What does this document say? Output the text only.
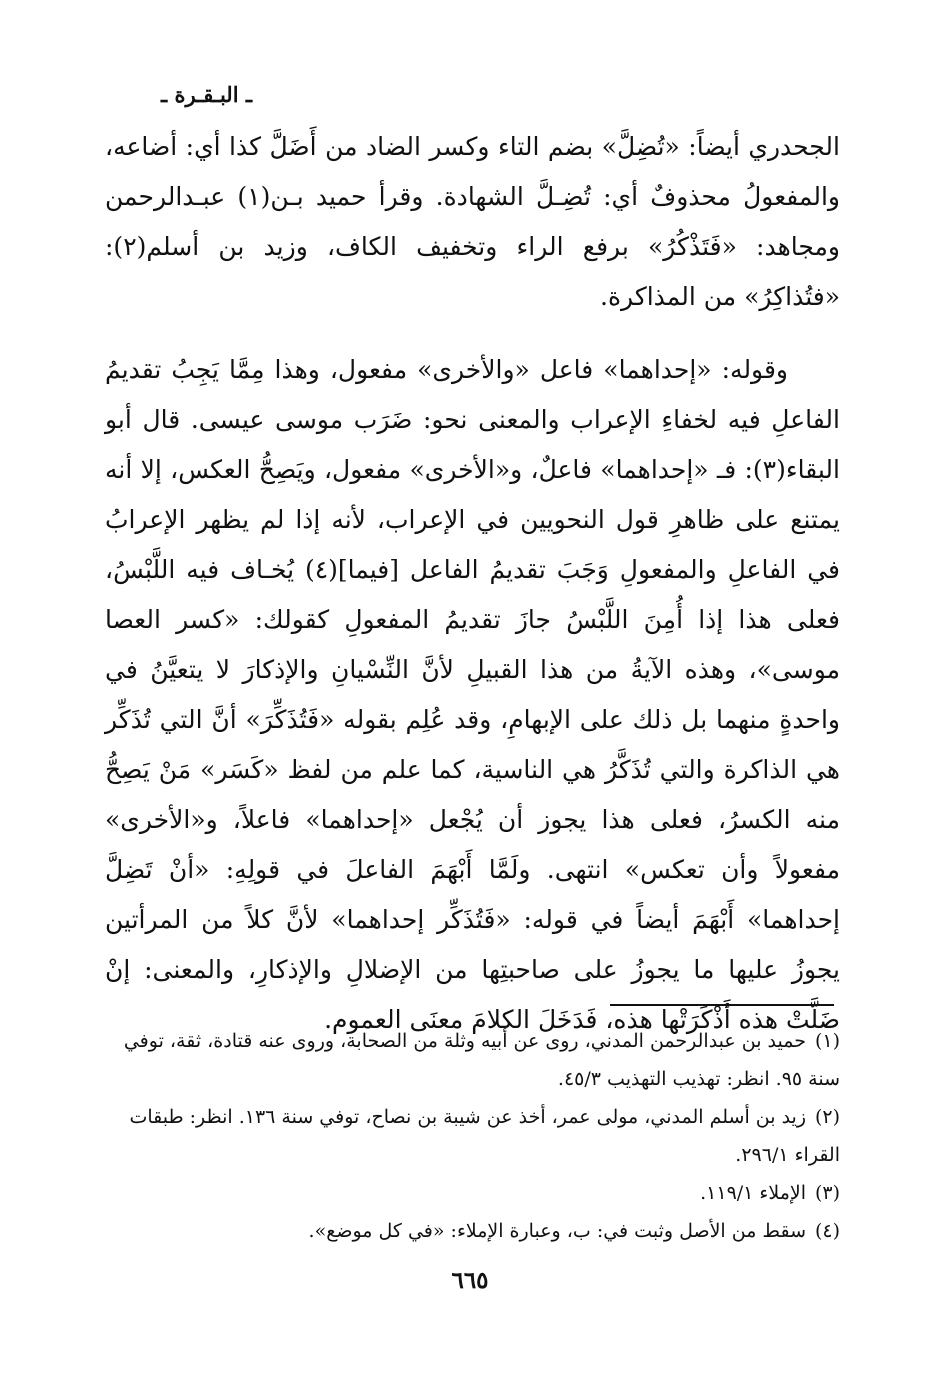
ـ البـقـرة ـ

الجحدري أيضاً: «تُضِلَّ» بضم التاء وكسر الضاد من أَضَلَّ كذا أي: أضاعه، والمفعولُ محذوفٌ أي: تُضِـلَّ الشهادة. وقرأ حميد بـن(١) عبـدالرحمن ومجاهد: «فَتَذْكُرُ» برفع الراء وتخفيف الكاف، وزيد بن أسلم(٢): «فتُذاكِرُ» من المذاكرة.

وقوله: «إحداهما» فاعل «والأخرى» مفعول، وهذا مِمَّا يَجِبُ تقديمُ الفاعلِ فيه لخفاءِ الإعراب والمعنى نحو: ضَرَب موسى عيسى. قال أبو البقاء(٣): فـ «إحداهما» فاعلٌ، و«الأخرى» مفعول، ويَصِحُّ العكس، إلا أنه يمتنع على ظاهرِ قول النحويين في الإعراب، لأنه إذا لم يظهر الإعرابُ في الفاعلِ والمفعولِ وَجَبَ تقديمُ الفاعل [فيما](٤) يُخـاف فيه اللَّبْسُ، فعلى هذا إذا أُمِنَ اللَّبْسُ جازَ تقديمُ المفعولِ كقولك: «كسر العصا موسى»، وهذه الآيةُ من هذا القبيلِ لأنَّ النِّسْيانِ والإذكارَ لا يتعيَّنُ في واحدةٍ منهما بل ذلك على الإبهامِ، وقد عُلِم بقوله «فَتُذَكِّرَ» أنَّ التي تُذَكِّر هي الذاكرة والتي تُذَكَّرُ هي الناسية، كما علم من لفظ «كَسَر» مَنْ يَصِحُّ منه الكسرُ، فعلى هذا يجوز أن يُجْعل «إحداهما» فاعلاً، و«الأخرى» مفعولاً وأن تعكس» انتهى. ولَمَّا أَبْهَمَ الفاعلَ في قولِهِ: «أنْ تَضِلَّ إحداهما» أَبْهَمَ أيضاً في قوله: «فَتُذَكِّر إحداهما» لأنَّ كلاً من المرأتين يجوزُ عليها ما يجوزُ على صاحبتِها من الإضلالِ والإذكارِ، والمعنى: إنْ ضَلَّتْ هذه أَذْكَرَتْها هذه، فَدَخَلَ الكلامَ معنَى العموم.

(١)حميد بن عبدالرحمن المدني، روى عن أبيه وثلة من الصحابة، وروى عنه قتادة، ثقة، توفي سنة ٩٥. انظر: تهذيب التهذيب ٤٥/٣.

(٢)زيد بن أسلم المدني، مولى عمر، أخذ عن شيبة بن نصاح، توفي سنة ١٣٦. انظر: طبقات القراء ٢٩٦/١.

(٣)الإملاء ١١٩/١.

(٤)سقط من الأصل وثبت في: ب، وعبارة الإملاء: «في كل موضع».

٦٦٥
